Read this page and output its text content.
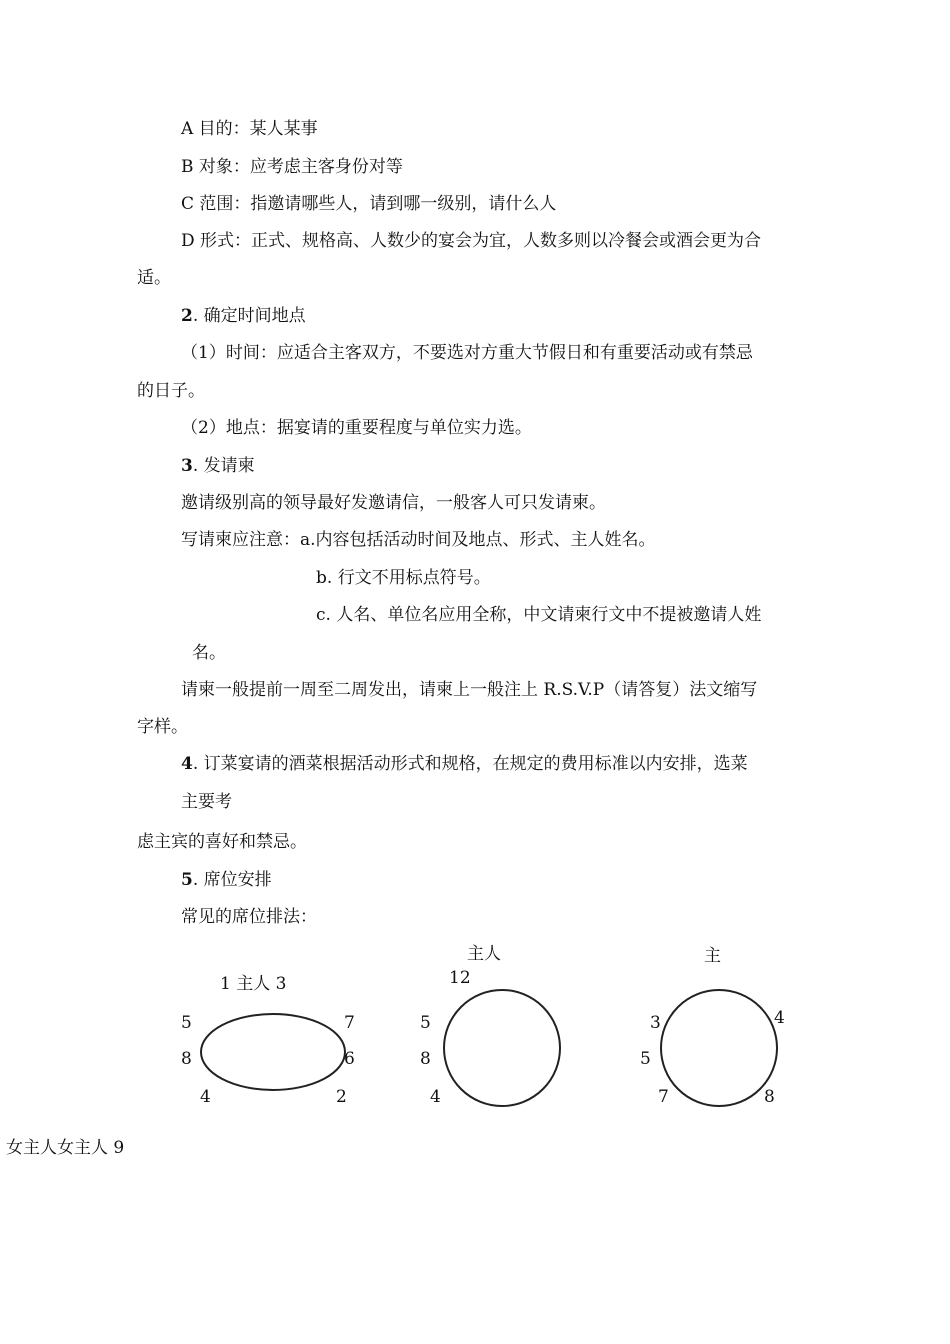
A 目的：某人某事
B 对象：应考虑主客身份对等
C 范围：指邀请哪些人，请到哪一级别，请什么人
D 形式：正式、规格高、人数少的宴会为宜，人数多则以冷餐会或酒会更为合
适。
2. 确定时间地点
（1）时间：应适合主客双方，不要选对方重大节假日和有重要活动或有禁忌
的日子。
（2）地点：据宴请的重要程度与单位实力选。
3. 发请柬
邀请级别高的领导最好发邀请信，一般客人可只发请柬。
写请柬应注意：a.内容包括活动时间及地点、形式、主人姓名。
b. 行文不用标点符号。
c. 人名、单位名应用全称，中文请柬行文中不提被邀请人姓
名。
请柬一般提前一周至二周发出，请柬上一般注上 R.S.V.P（请答复）法文缩写
字样。
4. 订菜宴请的酒菜根据活动形式和规格，在规定的费用标准以内安排，选菜
主要考
虑主宾的喜好和禁忌。
5. 席位安排
常见的席位排法：
1 主人 3
5
8
4
7
6
2
主人
12
5
8
4
主
3
5
7
4
8
女主人女主人 9
